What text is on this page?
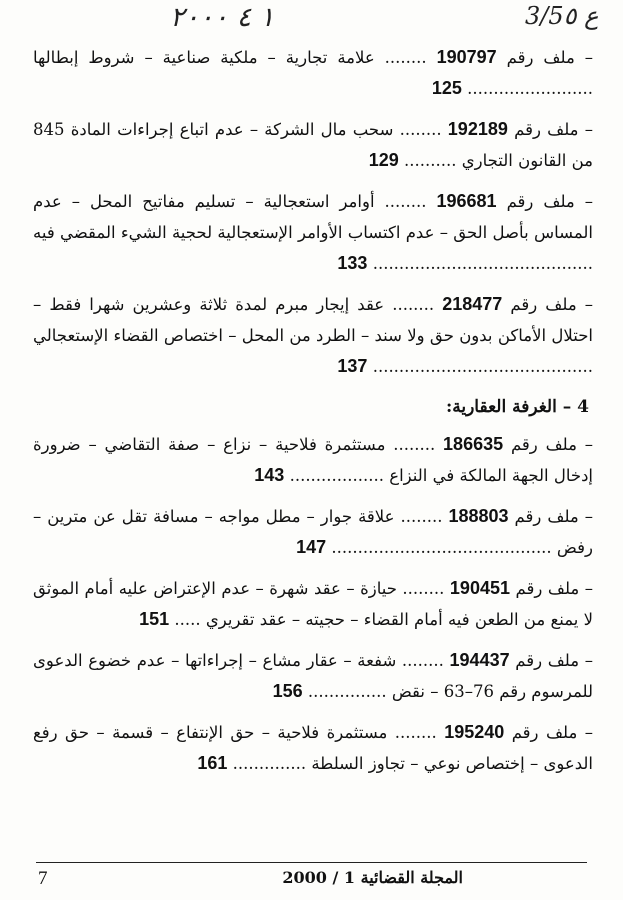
١ ٤ ٢٠٠٠	3/5ع ٥

– ملف رقم 190797 ........ علامة تجارية – ملكية صناعية – شروط إبطالها ........................ 125

– ملف رقم 192189 ........ سحب مال الشركة – عدم اتباع إجراءات المادة 845 من القانون التجاري .......... 129

– ملف رقم 196681 ........ أوامر استعجالية – تسليم مفاتيح المحل – عدم المساس بأصل الحق – عدم اكتساب الأوامر الإستعجالية لحجية الشيء المقضي فيه .......................................... 133

– ملف رقم 218477 ........ عقد إيجار مبرم لمدة ثلاثة وعشرين شهرا فقط – احتلال الأماكن بدون حق ولا سند – الطرد من المحل – اختصاص القضاء الإستعجالي .......................................... 137

4 – الغرفة العقارية:

– ملف رقم 186635 ........ مستثمرة فلاحية – نزاع – صفة التقاضي – ضرورة إدخال الجهة المالكة في النزاع .................. 143

– ملف رقم 188803 ........ علاقة جوار – مطل مواجه – مسافة تقل عن مترين – رفض .......................................... 147

– ملف رقم 190451 ........ حيازة – عقد شهرة – عدم الإعتراض عليه أمام الموثق لا يمنع من الطعن فيه أمام القضاء – حجيته – عقد تقريري ..... 151

– ملف رقم 194437 ........ شفعة – عقار مشاع – إجراءاتها – عدم خضوع الدعوى للمرسوم رقم 76–63 – نقض ............... 156

– ملف رقم 195240 ........ مستثمرة فلاحية – حق الإنتفاع – قسمة – حق رفع الدعوى – إختصاص نوعي – تجاوز السلطة .............. 161

7	المجلة القضائية 1 / 2000
